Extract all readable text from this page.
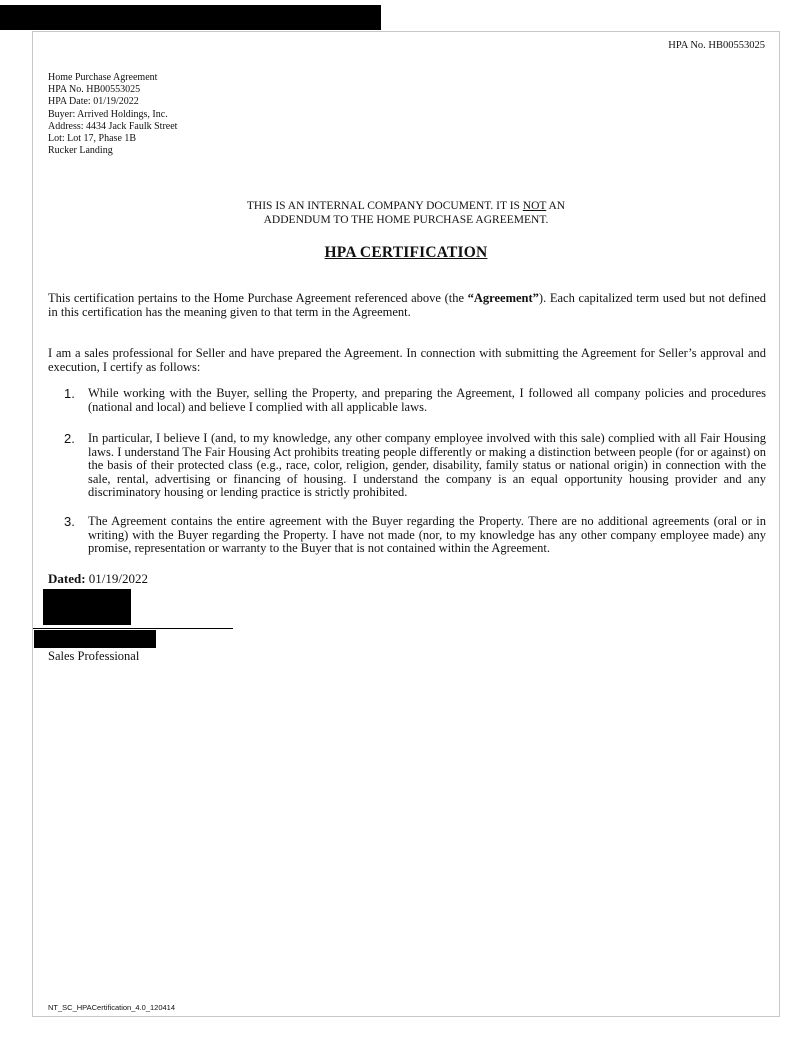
HPA No. HB00553025
Home Purchase Agreement
HPA No. HB00553025
HPA Date: 01/19/2022
Buyer: Arrived Holdings, Inc.
Address: 4434 Jack Faulk Street
Lot: Lot 17, Phase 1B
Rucker Landing
THIS IS AN INTERNAL COMPANY DOCUMENT. IT IS NOT AN
ADDENDUM TO THE HOME PURCHASE AGREEMENT.
HPA CERTIFICATION
This certification pertains to the Home Purchase Agreement referenced above (the “Agreement”). Each capitalized term used but not defined in this certification has the meaning given to that term in the Agreement.
I am a sales professional for Seller and have prepared the Agreement. In connection with submitting the Agreement for Seller’s approval and execution, I certify as follows:
1. While working with the Buyer, selling the Property, and preparing the Agreement, I followed all company policies and procedures (national and local) and believe I complied with all applicable laws.
2. In particular, I believe I (and, to my knowledge, any other company employee involved with this sale) complied with all Fair Housing laws. I understand The Fair Housing Act prohibits treating people differently or making a distinction between people (for or against) on the basis of their protected class (e.g., race, color, religion, gender, disability, family status or national origin) in connection with the sale, rental, advertising or financing of housing. I understand the company is an equal opportunity housing provider and any discriminatory housing or lending practice is strictly prohibited.
3. The Agreement contains the entire agreement with the Buyer regarding the Property. There are no additional agreements (oral or in writing) with the Buyer regarding the Property. I have not made (nor, to my knowledge has any other company employee made) any promise, representation or warranty to the Buyer that is not contained within the Agreement.
Dated: 01/19/2022
Sales Professional
NT_SC_HPACertification_4.0_120414
